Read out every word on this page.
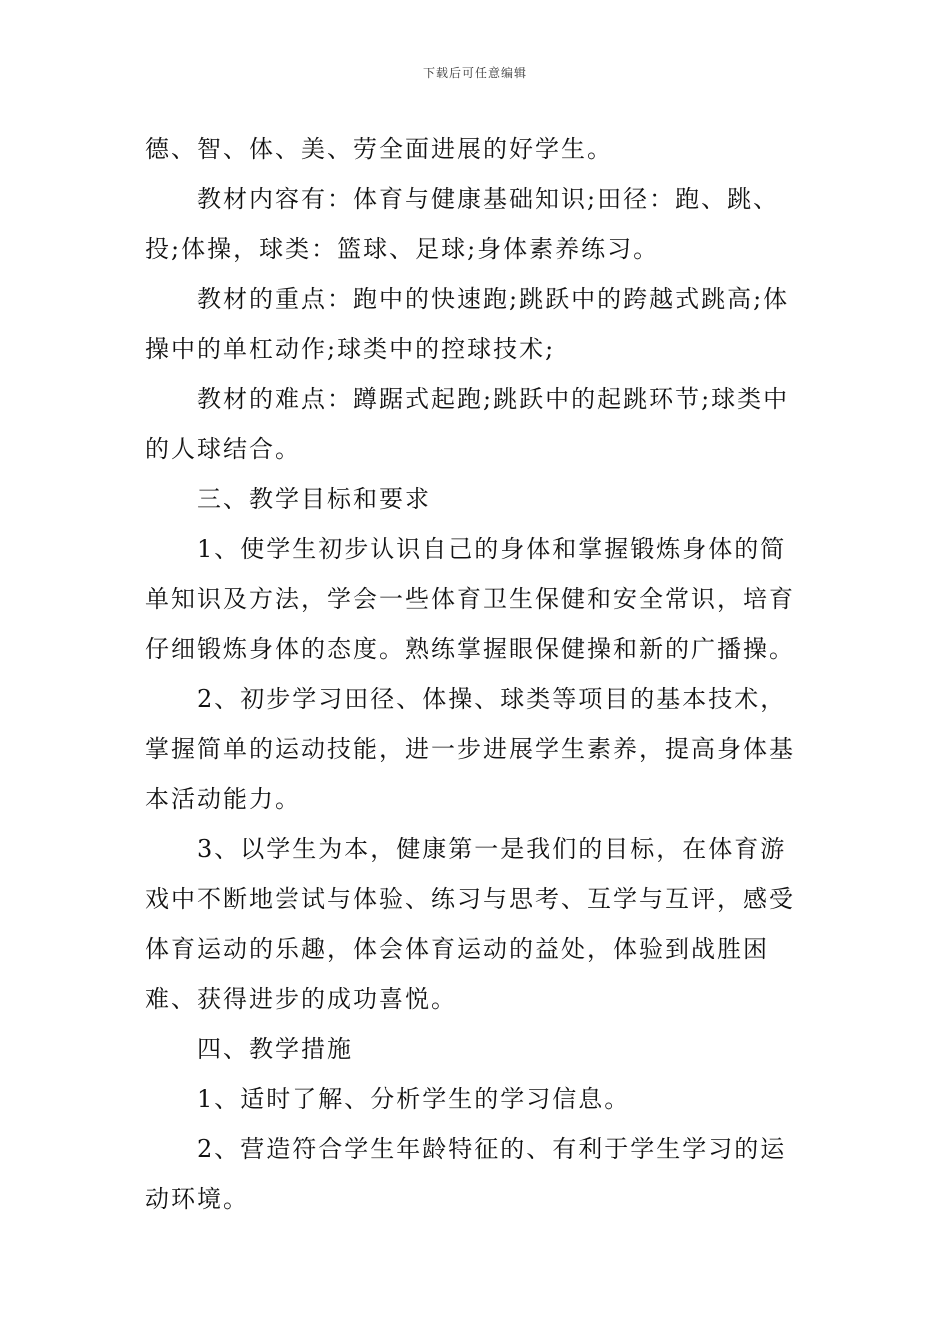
下载后可任意编辑

德、智、体、美、劳全面进展的好学生。

教材内容有：体育与健康基础知识;田径：跑、跳、投;体操，球类：篮球、足球;身体素养练习。

教材的重点：跑中的快速跑;跳跃中的跨越式跳高;体操中的单杠动作;球类中的控球技术;

教材的难点：蹲踞式起跑;跳跃中的起跳环节;球类中的人球结合。

三、教学目标和要求

1、使学生初步认识自己的身体和掌握锻炼身体的简单知识及方法，学会一些体育卫生保健和安全常识，培育仔细锻炼身体的态度。熟练掌握眼保健操和新的广播操。

2、初步学习田径、体操、球类等项目的基本技术，掌握简单的运动技能，进一步进展学生素养，提高身体基本活动能力。

3、以学生为本，健康第一是我们的目标，在体育游戏中不断地尝试与体验、练习与思考、互学与互评，感受体育运动的乐趣，体会体育运动的益处，体验到战胜困难、获得进步的成功喜悦。

四、教学措施

1、适时了解、分析学生的学习信息。

2、营造符合学生年龄特征的、有利于学生学习的运动环境。
